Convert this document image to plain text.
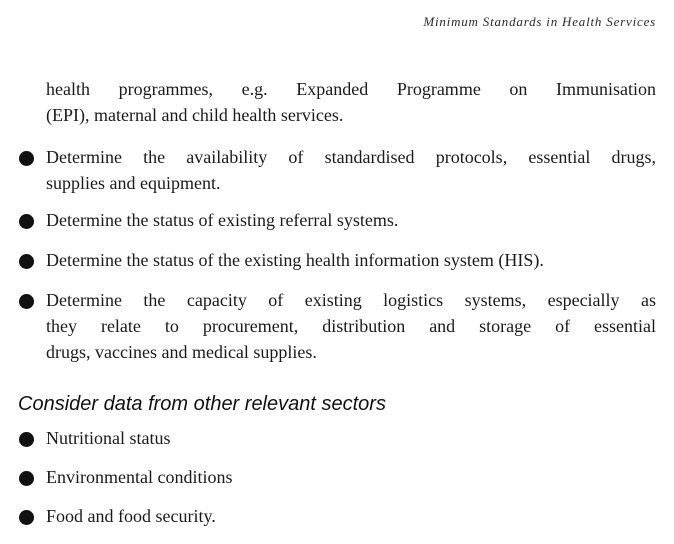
Minimum Standards in Health Services
health programmes, e.g. Expanded Programme on Immunisation
(EPI), maternal and child health services.
Determine the availability of standardised protocols, essential drugs,
supplies and equipment.
Determine the status of existing referral systems.
Determine the status of the existing health information system (HIS).
Determine the capacity of existing logistics systems, especially as
they relate to procurement, distribution and storage of essential
drugs, vaccines and medical supplies.
Consider data from other relevant sectors
Nutritional status
Environmental conditions
Food and food security.
